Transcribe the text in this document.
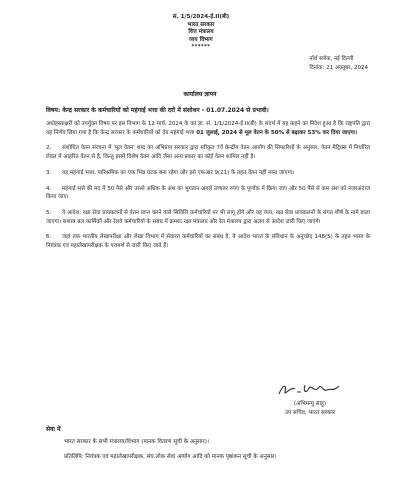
सं. 1/5/2024-ई.II(बी)
भारत सरकार
वित्त मंत्रालय
व्यय विभाग
******
नॉर्थ ब्लॉक, नई दिल्ली
दिनांक: 21 अक्तूबर, 2024
कार्यालय ज्ञापन
विषय: केन्द्र सरकार के कर्मचारियों को महंगाई भत्ता की दरों में संशोधन - 01.07.2024 से प्रभावी।

अधोहस्ताक्षरी को उपर्युक्त विषय पर इस विभाग के 12 मार्च, 2024 के का.ज्ञा. सं. 1/1/2024-ई.II(बी) के संदर्भ में यह कहने का निदेश हुआ है कि राष्ट्रपति द्वारा यह निर्णय लिया गया है कि केन्द्र सरकार के कर्मचारियों को देय महंगाई भत्ता 01 जुलाई, 2024 से मूल वेतन के 50% से बढ़ाकर 53% कर दिया जाएगा।

2. संशोधित वेतन संरचना में 'मूल वेतन' शब्द का अभिप्राय सरकार द्वारा स्वीकृत 7वें केन्द्रीय वेतन आयोग की सिफारिशों के अनुसार, वेतन मैट्रिक्स में निर्धारित लेवल में आहरित वेतन से है, किन्तु इसमें विशेष वेतन आदि जैसा अन्य प्रकार का कोई वेतन शामिल नहीं है।

3. यह महंगाई भत्ता, पारिश्रमिक का एक भिन्न घटक बना रहेगा और इसे एफआर 9(21) के तहत वेतन नहीं माना जाएगा।

4. महंगाई भत्ते की मद में 50 पैसे और उससे अधिक के अंश का भुगतान अगले उच्चतर रुपए के पूर्णांक में किया जाए और 50 पैसे से कम अंश को नजरअंदाज किया जाए।

5. ये आदेश, रक्षा सेवा प्राक्कलनों से वेतन प्राप्त करने वाले सिविलि कर्मचारियों पर भी लागू होंगे और यह व्यय, रक्षा सेवा प्राक्कलनों के संगत शीर्ष के नामे डाला जाएगा। सशस्त्र बल कार्मिकों और रेलवे कर्मचारियों के संबंध में क्रमशः रक्षा मंत्रालय और रेल मंत्रालय द्वारा अलग से आदेश जारी किए जाएंगे।

6. जहां तक भारतीय लेखापरीक्षा और लेखा विभाग में सेवारत कर्मचारियों का संबंध है, ये आदेश भारत के संविधान के अनुच्छेद 148(5) के तहत भारत के नियंत्रक एवं महालेखापरीक्षक के परामर्श से जारी किए जाते हैं।

(अभिमन्यु साहू)
उप सचिव, भारत सरकार
सेवा में
भारत सरकार के सभी मंत्रालय/विभाग (मानक वितरण सूची के अनुसार)।
प्रतिलिपि: नियंत्रक एवं महालेखापरीक्षक, संघ लोक सेवा आयोग आदि को मानक पृष्ठांकन सूची के अनुसार।
